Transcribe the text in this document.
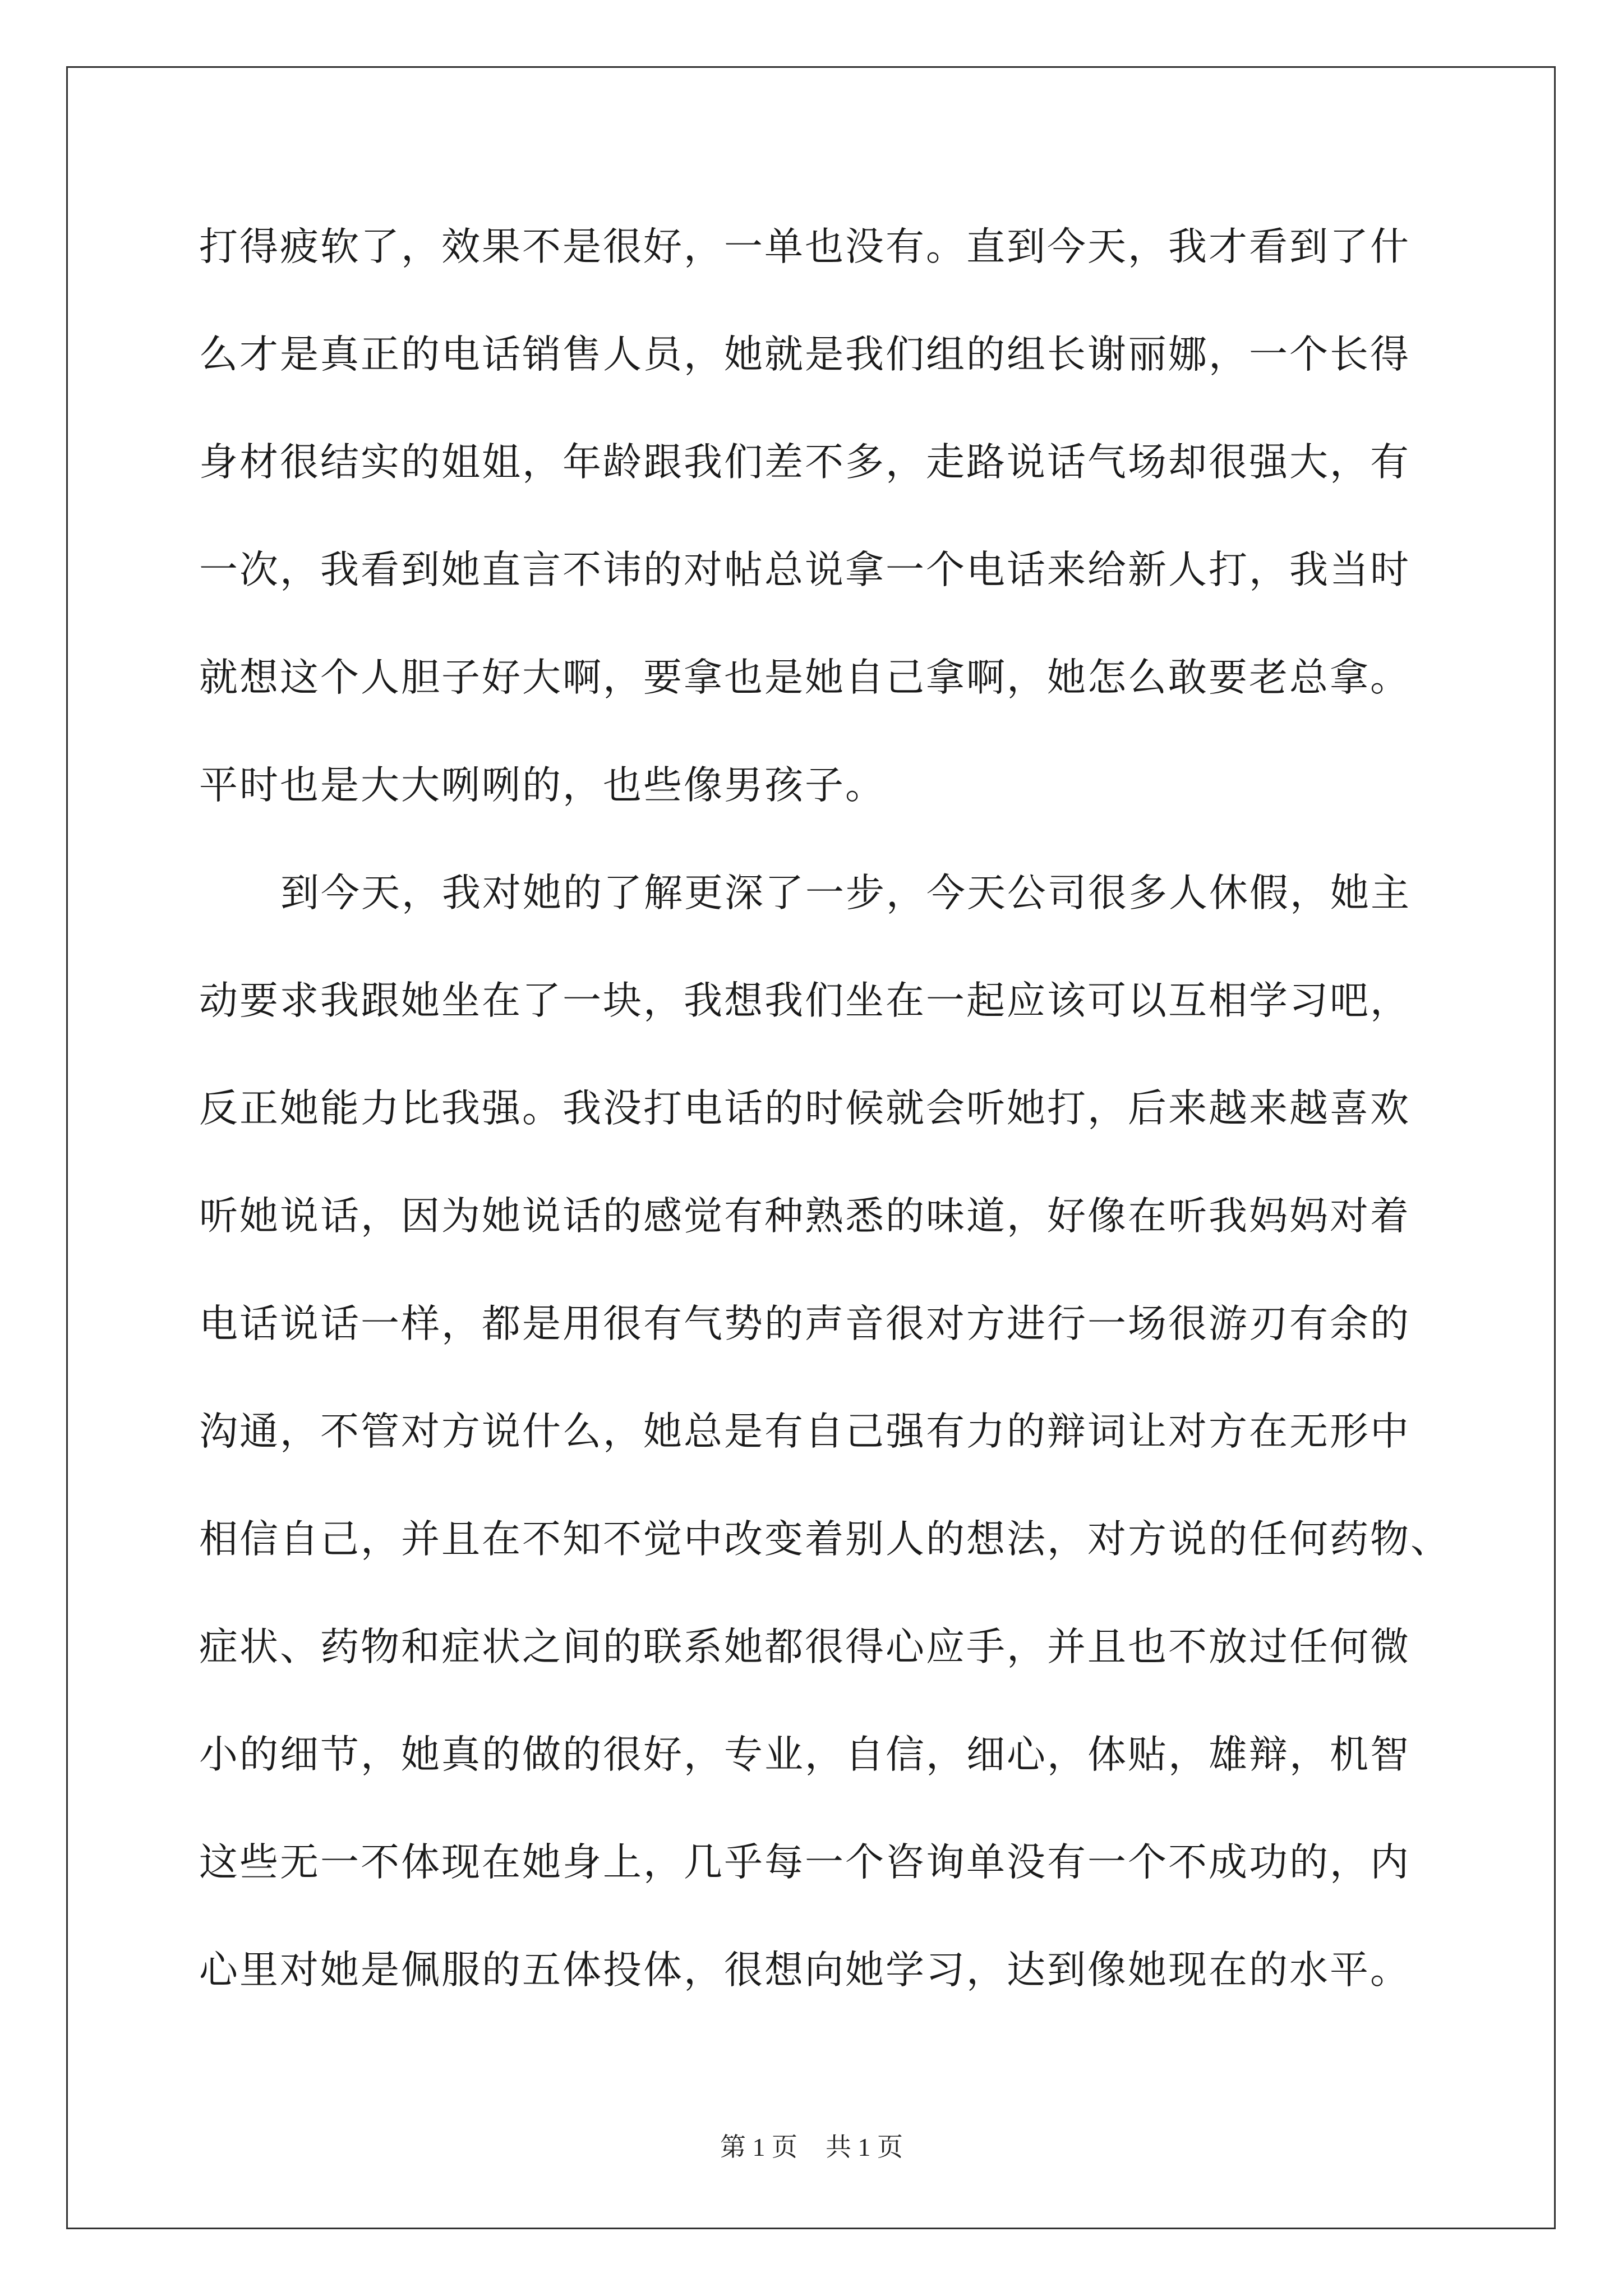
打得疲软了，效果不是很好，一单也没有。直到今天，我才看到了什
么才是真正的电话销售人员，她就是我们组的组长谢丽娜，一个长得
身材很结实的姐姐，年龄跟我们差不多，走路说话气场却很强大，有
一次，我看到她直言不讳的对帖总说拿一个电话来给新人打，我当时
就想这个人胆子好大啊，要拿也是她自己拿啊，她怎么敢要老总拿。
平时也是大大咧咧的，也些像男孩子。
到今天，我对她的了解更深了一步，今天公司很多人休假，她主
动要求我跟她坐在了一块，我想我们坐在一起应该可以互相学习吧，
反正她能力比我强。我没打电话的时候就会听她打，后来越来越喜欢
听她说话，因为她说话的感觉有种熟悉的味道，好像在听我妈妈对着
电话说话一样，都是用很有气势的声音很对方进行一场很游刃有余的
沟通，不管对方说什么，她总是有自己强有力的辩词让对方在无形中
相信自己，并且在不知不觉中改变着别人的想法，对方说的任何药物、
症状、药物和症状之间的联系她都很得心应手，并且也不放过任何微
小的细节，她真的做的很好，专业，自信，细心，体贴，雄辩，机智
这些无一不体现在她身上，几乎每一个咨询单没有一个不成功的，内
心里对她是佩服的五体投体，很想向她学习，达到像她现在的水平。
第 1 页 共 1 页
